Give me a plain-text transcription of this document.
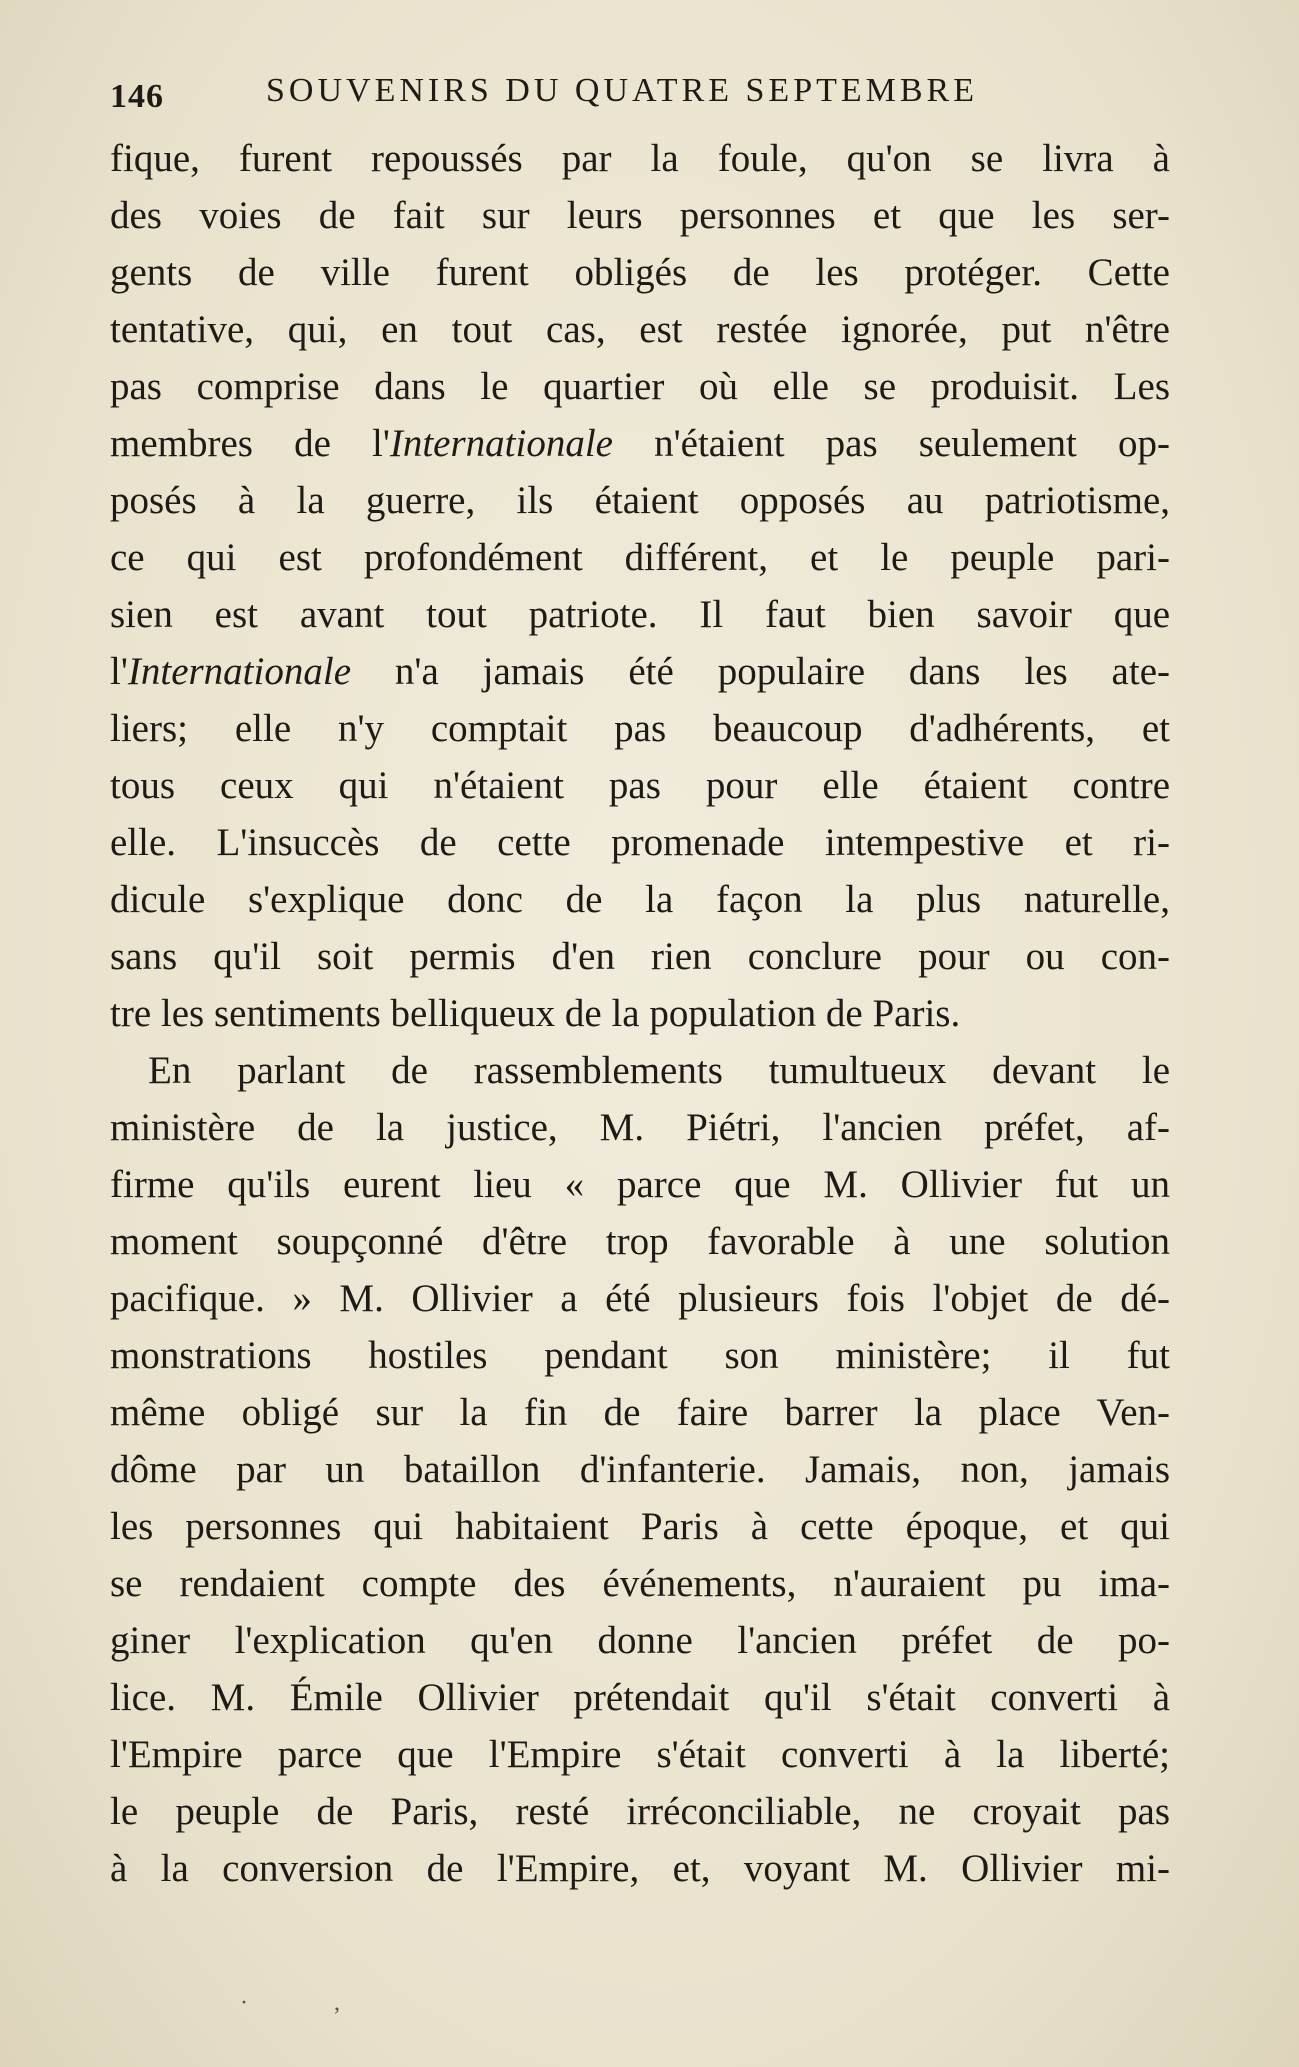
146	SOUVENIRS DU QUATRE SEPTEMBRE
fique, furent repoussés par la foule, qu'on se livra à
des voies de fait sur leurs personnes et que les ser-
gents de ville furent obligés de les protéger. Cette
tentative, qui, en tout cas, est restée ignorée, put n'être
pas comprise dans le quartier où elle se produisit. Les
membres de l'Internationale n'étaient pas seulement op-
posés à la guerre, ils étaient opposés au patriotisme,
ce qui est profondément différent, et le peuple pari-
sien est avant tout patriote. Il faut bien savoir que
l'Internationale n'a jamais été populaire dans les ate-
liers; elle n'y comptait pas beaucoup d'adhérents, et
tous ceux qui n'étaient pas pour elle étaient contre
elle. L'insuccès de cette promenade intempestive et ri-
dicule s'explique donc de la façon la plus naturelle,
sans qu'il soit permis d'en rien conclure pour ou con-
tre les sentiments belliqueux de la population de Paris.
En parlant de rassemblements tumultueux devant le
ministère de la justice, M. Piétri, l'ancien préfet, af-
firme qu'ils eurent lieu « parce que M. Ollivier fut un
moment soupçonné d'être trop favorable à une solution
pacifique. » M. Ollivier a été plusieurs fois l'objet de dé-
monstrations hostiles pendant son ministère; il fut
même obligé sur la fin de faire barrer la place Ven-
dôme par un bataillon d'infanterie. Jamais, non, jamais
les personnes qui habitaient Paris à cette époque, et qui
se rendaient compte des événements, n'auraient pu ima-
giner l'explication qu'en donne l'ancien préfet de po-
lice. M. Émile Ollivier prétendait qu'il s'était converti à
l'Empire parce que l'Empire s'était converti à la liberté;
le peuple de Paris, resté irréconciliable, ne croyait pas
à la conversion de l'Empire, et, voyant M. Ollivier mi-
· ,
